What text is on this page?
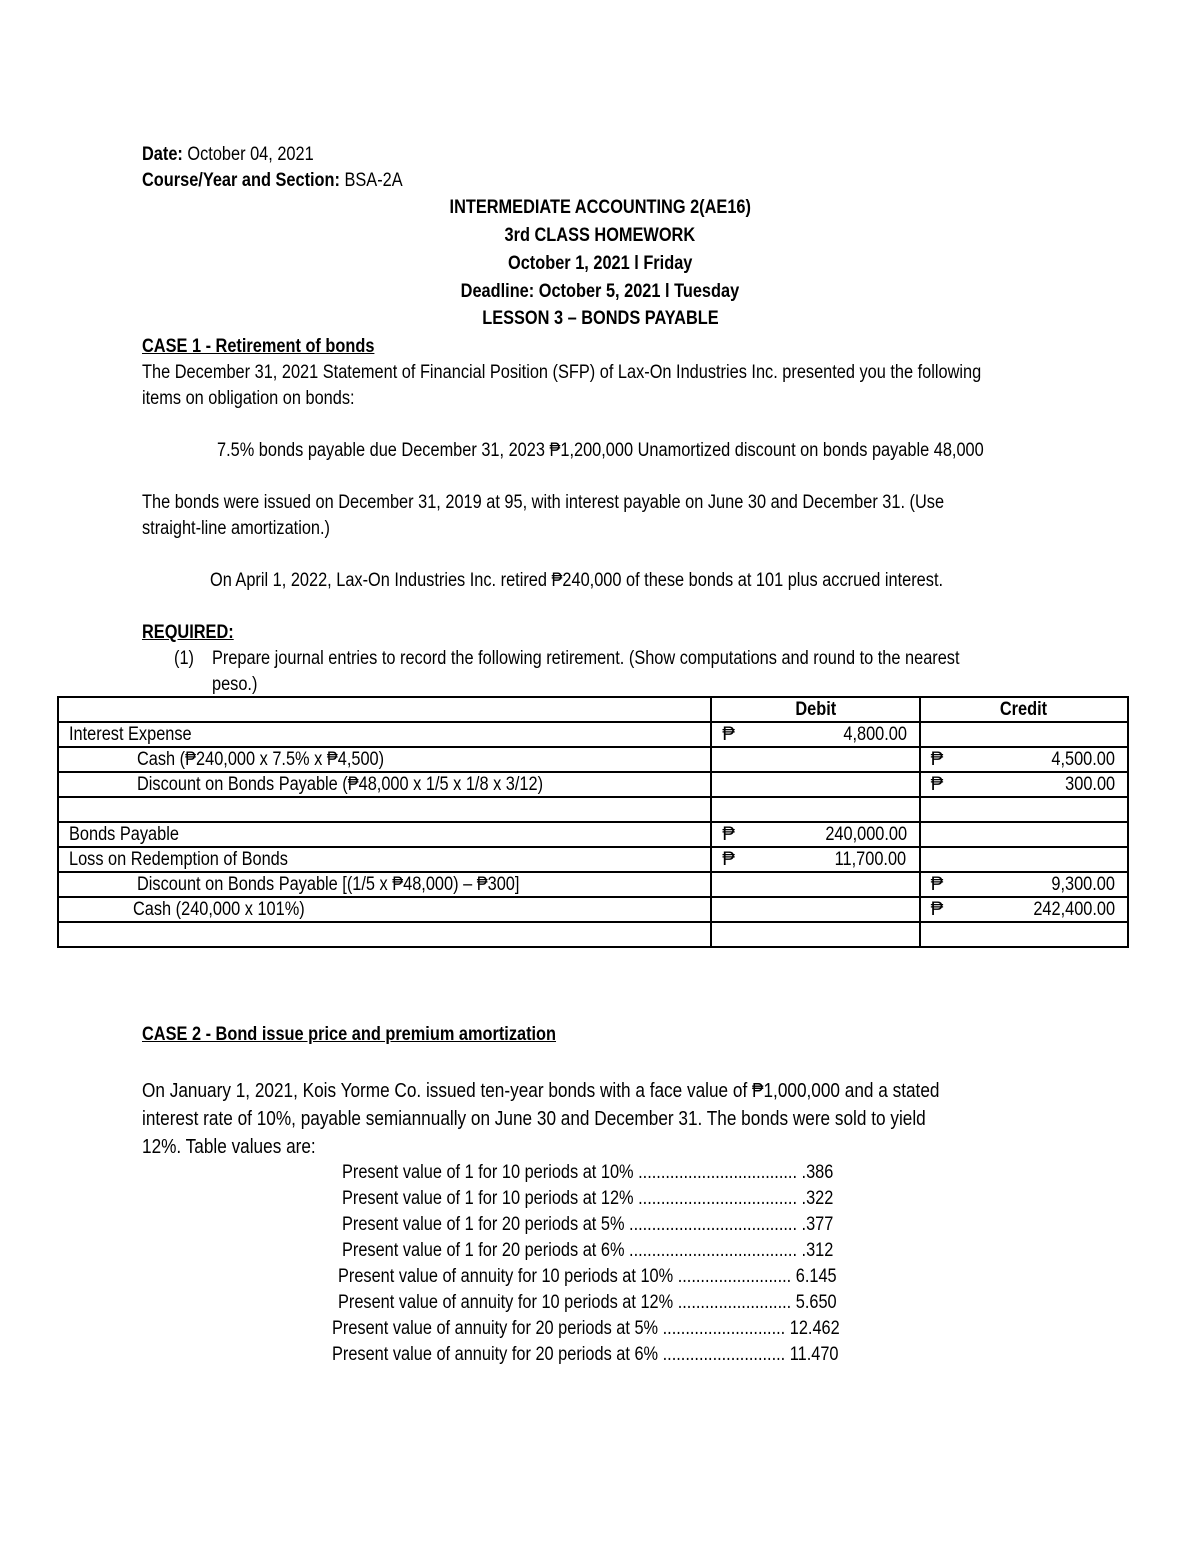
Date: October 04, 2021
Course/Year and Section: BSA-2A
INTERMEDIATE ACCOUNTING 2(AE16)
3rd CLASS HOMEWORK
October 1, 2021 l Friday
Deadline: October 5, 2021 l Tuesday
LESSON 3 – BONDS PAYABLE
CASE 1 - Retirement of bonds
The December 31, 2021 Statement of Financial Position (SFP) of Lax-On Industries Inc. presented you the following
items on obligation on bonds:
7.5% bonds payable due December 31, 2023 ₱1,200,000 Unamortized discount on bonds payable 48,000
The bonds were issued on December 31, 2019 at 95, with interest payable on June 30 and December 31. (Use
straight-line amortization.)
On April 1, 2022, Lax-On Industries Inc. retired ₱240,000 of these bonds at 101 plus accrued interest.
REQUIRED:
(1) Prepare journal entries to record the following retirement. (Show computations and round to the nearest
peso.)
	Debit	Credit
Interest Expense	₱ 4,800.00	

Cash (₱240,000 x 7.5% x ₱4,500)		₱ 4,500.00

Discount on Bonds Payable (₱48,000 x 1/5 x 1/8 x 3/12)		₱ 300.00

Bonds Payable	₱ 240,000.00	

Loss on Redemption of Bonds	₱ 11,700.00	

Discount on Bonds Payable [(1/5 x ₱48,000) – ₱300]		₱ 9,300.00

Cash (240,000 x 101%)		₱ 242,400.00

CASE 2 - Bond issue price and premium amortization
On January 1, 2021, Kois Yorme Co. issued ten-year bonds with a face value of ₱1,000,000 and a stated
interest rate of 10%, payable semiannually on June 30 and December 31. The bonds were sold to yield
12%. Table values are:
Present value of 1 for 10 periods at 10% ................................... .386
Present value of 1 for 10 periods at 12% ................................... .322
Present value of 1 for 20 periods at 5% ..................................... .377
Present value of 1 for 20 periods at 6% ..................................... .312
Present value of annuity for 10 periods at 10% ......................... 6.145
Present value of annuity for 10 periods at 12% ......................... 5.650
Present value of annuity for 20 periods at 5% ........................... 12.462
Present value of annuity for 20 periods at 6% ........................... 11.470
